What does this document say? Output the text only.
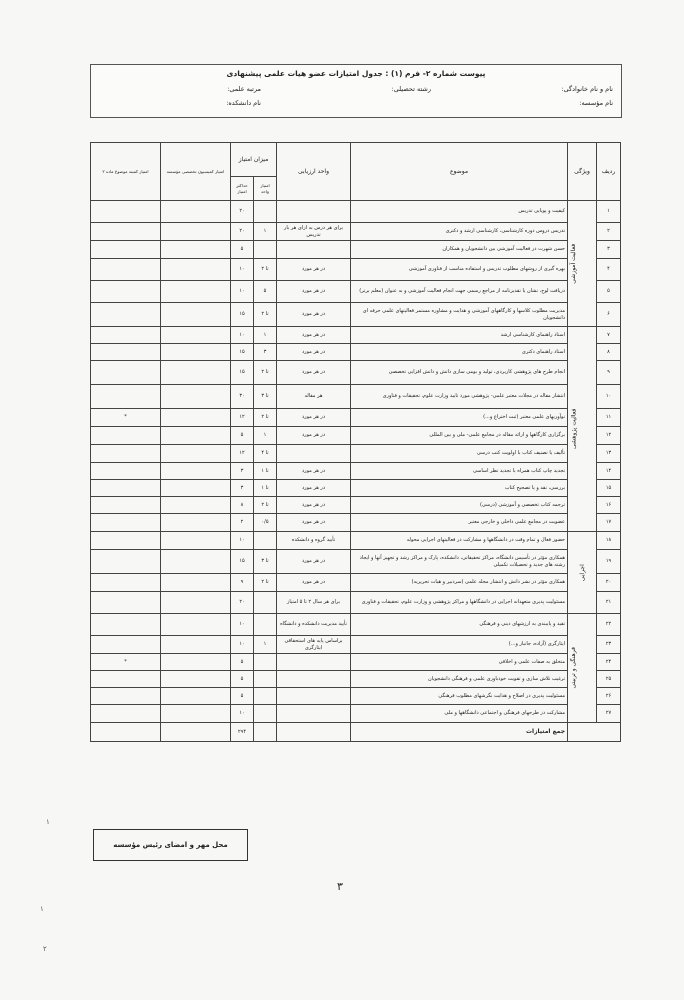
پیوست شماره ۲- فرم (۱) : جدول امتیازات عضو هیات علمی پیشنهادی
نام و نام خانوادگی:
رشته تحصیلی:
مرتبه علمی:
نام مؤسسه:
نام دانشکده:
ردیف	ویژگی	موضوع	واحد ارزیابی	میزان امتیاز		امتیاز کمیسیون تخصصی مؤسسه	امتیاز کمیته موضوع ماده ۲
				امتیاز واحد	حداکثر امتیاز		
۱	فعالیت آموزشی	کیفیت و پویایی تدریس			۲۰		
۲		تدریس دروس دوره کارشناسی، کارشناسی ارشد و دکتری	برای هر درس به ازای هر بار تدریس	۱	۲۰		
۳		حسن شهرت در فعالیت آموزشی بین دانشجویان و همکاران			۵		
۴		بهره گیری از روشهای مطلوب تدریس و استفاده مناسب از فناوری آموزشی	در هر مورد	تا ۲	۱۰		
۵		دریافت لوح، نشان یا تقدیرنامه از مراجع رسمی جهت انجام فعالیت آموزشی و به عنوان (معلم برتر)	در هر مورد	۵	۱۰		
۶		مدیریت مطلوب کلاسها و کارگاههای آموزشی و هدایت و مشاوره مستمر فعالیتهای علمی حرفه ای دانشجویان	در هر مورد	تا ۲	۱۵		
۷	فعالیت پژوهشی	استاد راهنمای کارشناسی ارشد	در هر مورد	۱	۱۰		
۸		استاد راهنمای دکتری	در هر مورد	۳	۱۵		
۹		انجام طرح های پژوهشی کاربردی، تولید و بومی سازی دانش و دانش افزایی تخصصی	در هر مورد	تا ۲	۱۵		
۱۰		انتشار مقاله در مجلات معتبر علمی- پژوهشی مورد تایید وزارت علوم، تحقیقات و فناوری	هر مقاله	تا ۳	۳۰		
۱۱		نوآوریهای علمی معتبر (ثبت اختراع و...)	در هر مورد	تا ۲	۱۲		*
۱۲		برگزاری کارگاهها و ارائه مقاله در مجامع علمی- ملی و بین المللی	در هر مورد	۱	۵		
۱۳		تألیف یا تصنیف کتاب با اولویت کتب درسی		تا ۴	۱۲		
۱۴		تجدید چاپ کتاب همراه با تجدید نظر اساسی	در هر مورد	تا ۱	۳		
۱۵		بررسی، نقد و یا تصحیح کتاب	در هر مورد	تا ۱	۳		
۱۶		ترجمه کتاب تخصصی و آموزشی (درسی)	در هر مورد	تا ۲	۸		
۱۷		عضویت در مجامع علمی داخلی و خارجی معتبر	در هر مورد	۰/۵	۲		
۱۸	اجرایی	حضور فعال و تمام وقت در دانشگاهها و مشارکت در فعالیتهای اجرایی محوله	تأیید گروه و دانشکده		۱۰		
۱۹		همکاری مؤثر در تأسیس دانشگاه، مراکز تحقیقاتی، دانشکده، پارک و مراکز رشد و تجهیز آنها و ایجاد رشته های جدید و تحصیلات تکمیلی	در هر مورد	تا ۳	۱۵		
۲۰		همکاری مؤثر در نشر دانش و انتشار مجله علمی (سردبیر و هیات تحریریه)	در هر مورد	تا ۲	۹		
۲۱		مسئولیت پذیری متعهدانه اجرایی در دانشگاهها و مراکز پژوهشی و وزارت علوم، تحقیقات و فناوری	برای هر سال ۲ تا ۵ امتیاز		۲۰		
۲۲	فرهنگی و تربیتی	تقید و پایبندی به ارزشهای دینی و فرهنگی	تأیید مدیریت دانشکده و دانشگاه		۱۰		
۲۳		ایثارگری (آزاده، جانباز و...)	براساس پایه های استحقاقی ایثارگری	۱	۱۰		
۲۴		متخلق به صفات علمی و اخلاقی			۵		*
۲۵		ترغیب تلاش سازی و تقویت خودباوری علمی و فرهنگی دانشجویان			۵		
۲۶		مسئولیت پذیری در اصلاح و هدایت نگرشهای مطلوب فرهنگی			۵		
۲۷		مشارکت در طرحهای فرهنگی و اجتماعی دانشگاهها و ملی			۱۰		
		جمع امتیازات			۲۹۴		
محل مهر و امضای رئیس مؤسسه
۳
۱
۱
۲
